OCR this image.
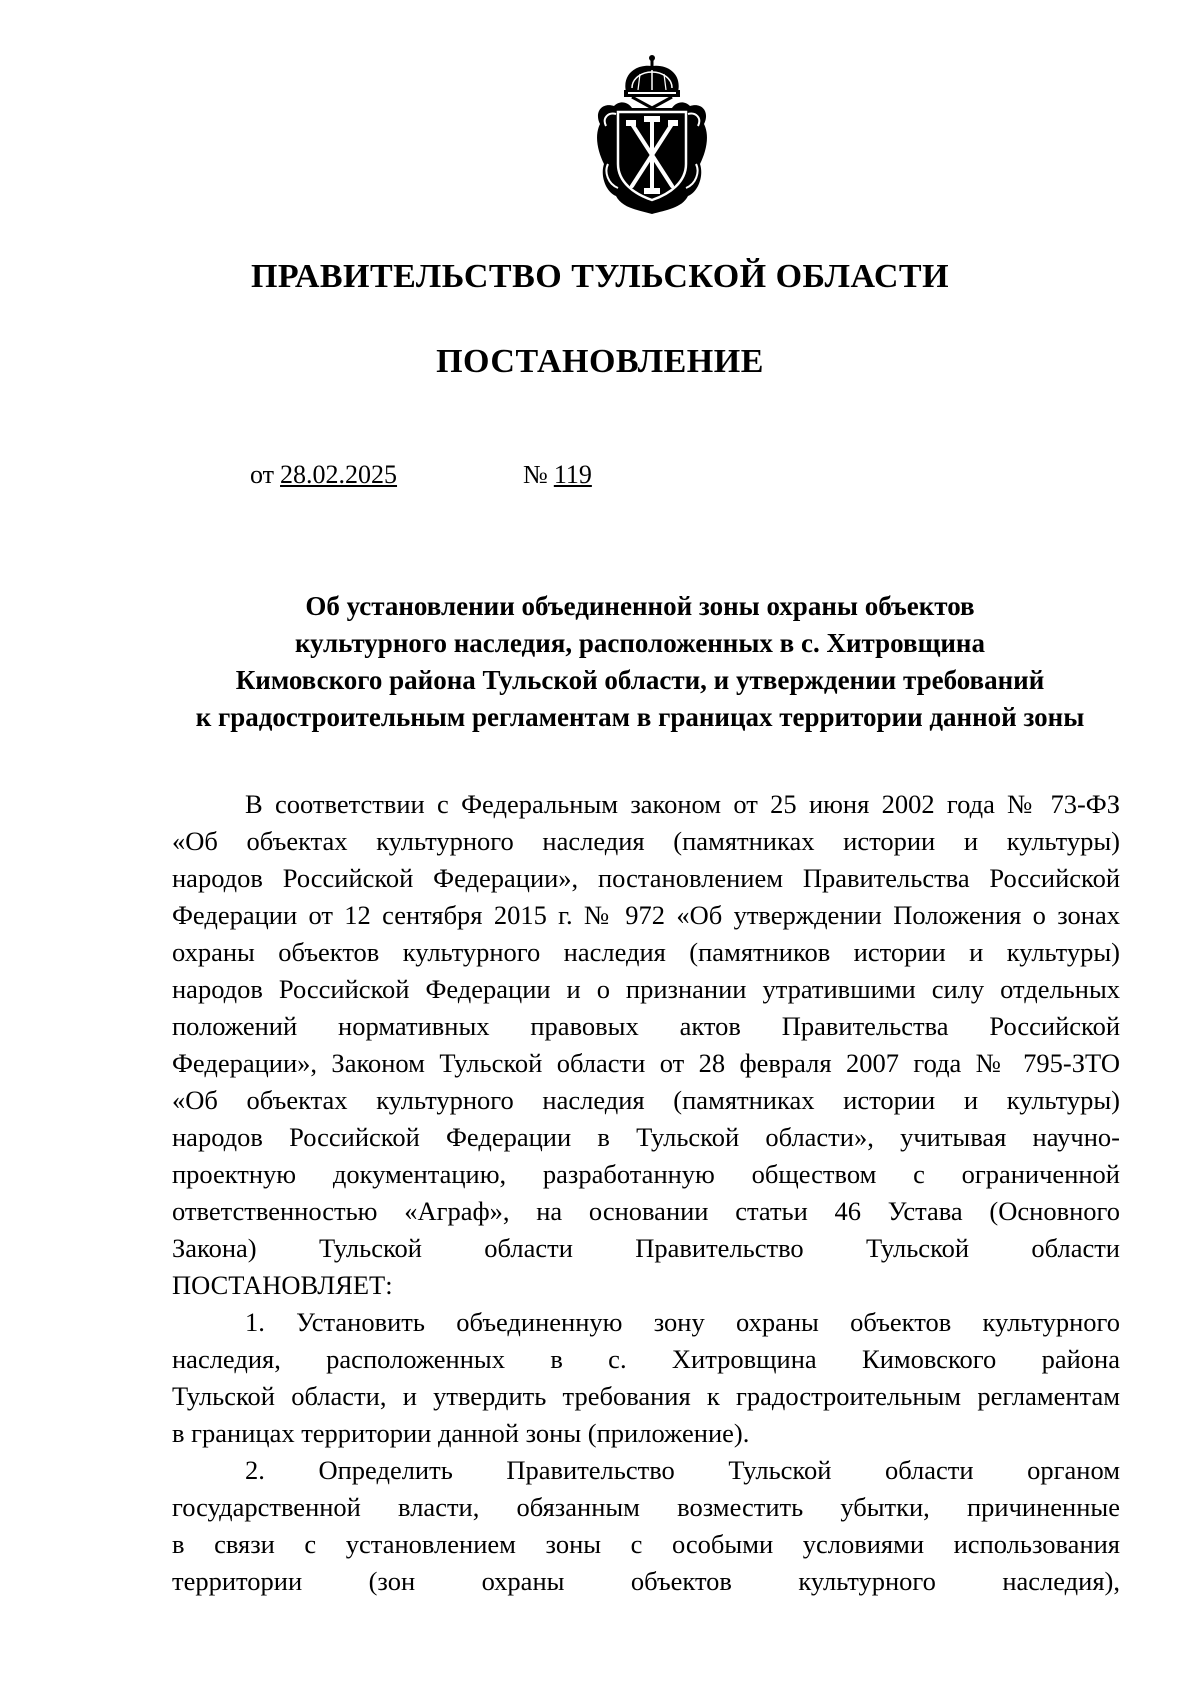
ПРАВИТЕЛЬСТВО ТУЛЬСКОЙ ОБЛАСТИ
ПОСТАНОВЛЕНИЕ
от 28.02.2025	№ 119
Об установлении объединенной зоны охраны объектов
культурного наследия, расположенных в с. Хитровщина
Кимовского района Тульской области, и утверждении требований
к градостроительным регламентам в границах территории данной зоны
В соответствии с Федеральным законом от 25 июня 2002 года № 73-ФЗ
«Об объектах культурного наследия (памятниках истории и культуры)
народов Российской Федерации», постановлением Правительства Российской
Федерации от 12 сентября 2015 г. № 972 «Об утверждении Положения о зонах
охраны объектов культурного наследия (памятников истории и культуры)
народов Российской Федерации и о признании утратившими силу отдельных
положений нормативных правовых актов Правительства Российской
Федерации», Законом Тульской области от 28 февраля 2007 года № 795-ЗТО
«Об объектах культурного наследия (памятниках истории и культуры)
народов Российской Федерации в Тульской области», учитывая научно-
проектную документацию, разработанную обществом с ограниченной
ответственностью «Аграф», на основании статьи 46 Устава (Основного
Закона) Тульской области Правительство Тульской области
ПОСТАНОВЛЯЕТ:
1. Установить объединенную зону охраны объектов культурного
наследия, расположенных в с. Хитровщина Кимовского района
Тульской области, и утвердить требования к градостроительным регламентам
в границах территории данной зоны (приложение).
2. Определить Правительство Тульской области органом
государственной власти, обязанным возместить убытки, причиненные
в связи с установлением зоны с особыми условиями использования
территории (зон охраны объектов культурного наследия),
